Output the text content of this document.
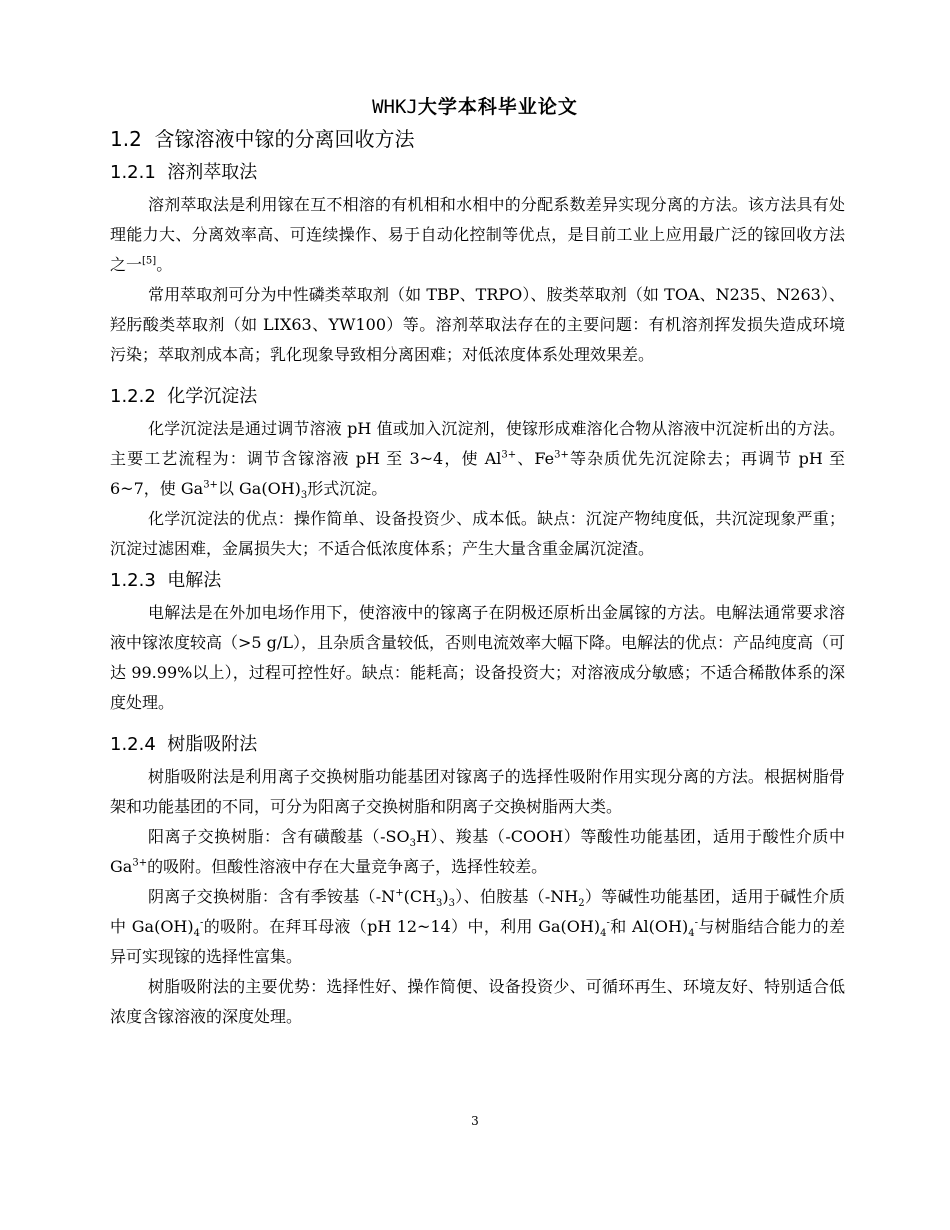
WHKJ大学本科毕业论文
1.2 含镓溶液中镓的分离回收方法
1.2.1 溶剂萃取法

溶剂萃取法是利用镓在互不相溶的有机相和水相中的分配系数差异实现分离的方法。该方法具有处理能力大、分离效率高、可连续操作、易于自动化控制等优点，是目前工业上应用最广泛的镓回收方法之一[5]。

常用萃取剂可分为中性磷类萃取剂（如 TBP、TRPO）、胺类萃取剂（如 TOA、N235、N263）、羟肟酸类萃取剂（如 LIX63、YW100）等。溶剂萃取法存在的主要问题：有机溶剂挥发损失造成环境污染；萃取剂成本高；乳化现象导致相分离困难；对低浓度体系处理效果差。

1.2.2 化学沉淀法

化学沉淀法是通过调节溶液 pH 值或加入沉淀剂，使镓形成难溶化合物从溶液中沉淀析出的方法。主要工艺流程为：调节含镓溶液 pH 至 3~4，使 $Al^{3+}$、$Fe^{3+}$等杂质优先沉淀除去；再调节 pH 至 6~7，使 $Ga^{3+}$以 $Ga(OH)_3$形式沉淀。

化学沉淀法的优点：操作简单、设备投资少、成本低。缺点：沉淀产物纯度低，共沉淀现象严重；沉淀过滤困难，金属损失大；不适合低浓度体系；产生大量含重金属沉淀渣。

1.2.3 电解法

电解法是在外加电场作用下，使溶液中的镓离子在阴极还原析出金属镓的方法。电解法通常要求溶液中镓浓度较高（>5 g/L），且杂质含量较低，否则电流效率大幅下降。电解法的优点：产品纯度高（可达 99.99%以上），过程可控性好。缺点：能耗高；设备投资大；对溶液成分敏感；不适合稀散体系的深度处理。

1.2.4 树脂吸附法

树脂吸附法是利用离子交换树脂功能基团对镓离子的选择性吸附作用实现分离的方法。根据树脂骨架和功能基团的不同，可分为阳离子交换树脂和阴离子交换树脂两大类。

阳离子交换树脂：含有磺酸基$(-SO_3H)$、羧基（-COOH）等酸性功能基团，适用于酸性介质中 $Ga^{3+}$的吸附。但酸性溶液中存在大量竞争离子，选择性较差。

阴离子交换树脂：含有季铵基$(-N^+(CH_3)_3)$、伯胺基$(-NH_2)$等碱性功能基团，适用于碱性介质中 $Ga(OH)_4^-$的吸附。在拜耳母液（pH 12~14）中，利用 $Ga(OH)_4^-$和 $Al(OH)_4^-$与树脂结合能力的差异可实现镓的选择性富集。

树脂吸附法的主要优势：选择性好、操作简便、设备投资少、可循环再生、环境友好、特别适合低浓度含镓溶液的深度处理。

3
